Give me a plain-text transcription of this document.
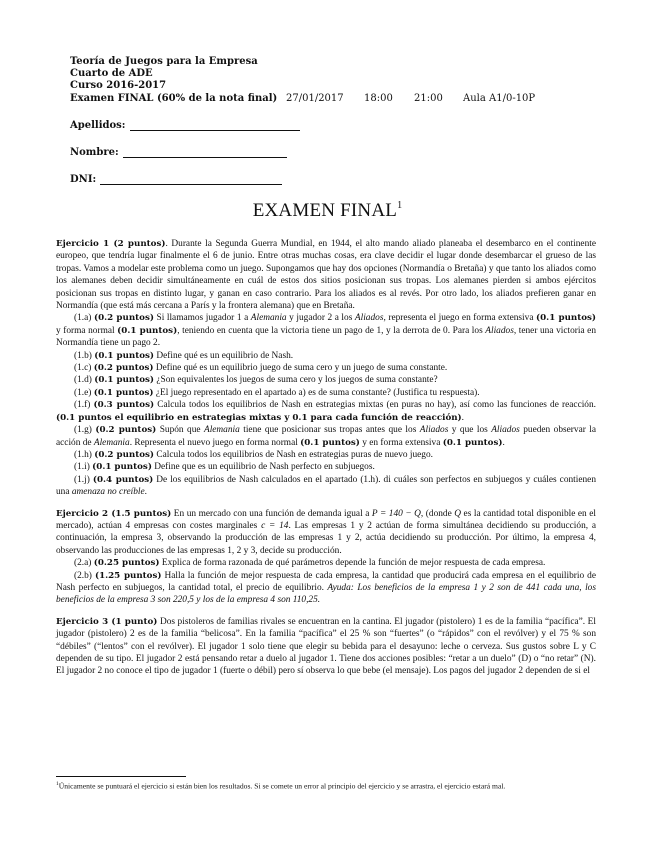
Teoría de Juegos para la Empresa
Cuarto de ADE
Curso 2016-2017
Examen FINAL (60% de la nota final) 27/01/2017 18:00 21:00 Aula A1/0-10P
Apellidos:
Nombre:
DNI:
EXAMEN FINAL$^1$

Ejercicio 1 (2 puntos). Durante la Segunda Guerra Mundial, en 1944, el alto mando aliado planeaba el desembarco en el continente europeo, que tendría lugar finalmente el 6 de junio. Entre otras muchas cosas, era clave decidir el lugar donde desembarcar el grueso de las tropas. Vamos a modelar este problema como un juego. Supongamos que hay dos opciones (Normandía o Bretaña) y que tanto los aliados como los alemanes deben decidir simultáneamente en cuál de estos dos sitios posicionan sus tropas. Los alemanes pierden si ambos ejércitos posicionan sus tropas en distinto lugar, y ganan en caso contrario. Para los aliados es al revés. Por otro lado, los aliados prefieren ganar en Normandía (que está más cercana a París y la frontera alemana) que en Bretaña.

(1.a) (0.2 puntos) Si llamamos jugador 1 a Alemania y jugador 2 a los Aliados, representa el juego en forma extensiva (0.1 puntos) y forma normal (0.1 puntos), teniendo en cuenta que la victoria tiene un pago de 1, y la derrota de 0. Para los Aliados, tener una victoria en Normandía tiene un pago 2.

(1.b) (0.1 puntos) Define qué es un equilibrio de Nash.

(1.c) (0.2 puntos) Define qué es un equilibrio juego de suma cero y un juego de suma constante.

(1.d) (0.1 puntos) ¿Son equivalentes los juegos de suma cero y los juegos de suma constante?

(1.e) (0.1 puntos) ¿El juego representado en el apartado a) es de suma constante? (Justifica tu respuesta).

(1.f) (0.3 puntos) Calcula todos los equilibrios de Nash en estrategias mixtas (en puras no hay), así como las funciones de reacción. (0.1 puntos el equilibrio en estrategias mixtas y 0.1 para cada función de reacción).

(1.g) (0.2 puntos) Supón que Alemania tiene que posicionar sus tropas antes que los Aliados y que los Aliados pueden observar la acción de Alemania. Representa el nuevo juego en forma normal (0.1 puntos) y en forma extensiva (0.1 puntos).

(1.h) (0.2 puntos) Calcula todos los equilibrios de Nash en estrategias puras de nuevo juego.

(1.i) (0.1 puntos) Define que es un equilibrio de Nash perfecto en subjuegos.

(1.j) (0.4 puntos) De los equilibrios de Nash calculados en el apartado (1.h). di cuáles son perfectos en subjuegos y cuáles contienen una amenaza no creíble.

Ejercicio 2 (1.5 puntos) En un mercado con una función de demanda igual a P = 140 − Q, (donde Q es la cantidad total disponible en el mercado), actúan 4 empresas con costes marginales c = 14. Las empresas 1 y 2 actúan de forma simultánea decidiendo su producción, a continuación, la empresa 3, observando la producción de las empresas 1 y 2, actúa decidiendo su producción. Por último, la empresa 4, observando las producciones de las empresas 1, 2 y 3, decide su producción.

(2.a) (0.25 puntos) Explica de forma razonada de qué parámetros depende la función de mejor respuesta de cada empresa.

(2.b) (1.25 puntos) Halla la función de mejor respuesta de cada empresa, la cantidad que producirá cada empresa en el equilibrio de Nash perfecto en subjuegos, la cantidad total, el precio de equilibrio. Ayuda: Los beneficios de la empresa 1 y 2 son de 441 cada una, los beneficios de la empresa 3 son 220,5 y los de la empresa 4 son 110,25.

Ejercicio 3 (1 punto) Dos pistoleros de familias rivales se encuentran en la cantina. El jugador (pistolero) 1 es de la familia “pacífica”. El jugador (pistolero) 2 es de la familia “belicosa”. En la familia “pacífica” el 25 % son “fuertes” (o “rápidos” con el revólver) y el 75 % son “débiles” (“lentos” con el revólver). El jugador 1 solo tiene que elegir su bebida para el desayuno: leche o cerveza. Sus gustos sobre L y C dependen de su tipo. El jugador 2 está pensando retar a duelo al jugador 1. Tiene dos acciones posibles: “retar a un duelo” (D) o “no retar” (N). El jugador 2 no conoce el tipo de jugador 1 (fuerte o débil) pero sí observa lo que bebe (el mensaje). Los pagos del jugador 2 dependen de si el

$^1$Únicamente se puntuará el ejercicio si están bien los resultados. Si se comete un error al principio del ejercicio y se arrastra, el ejercicio estará mal.
